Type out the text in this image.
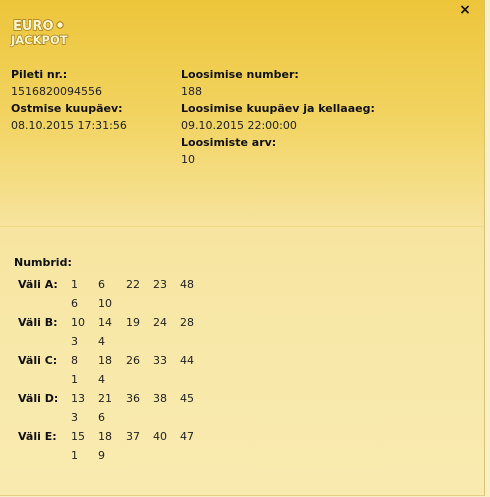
×
EURO
JACKPOT
Pileti nr.:
1516820094556
Ostmise kuupäev:
08.10.2015 17:31:56
Loosimise number:
188
Loosimise kuupäev ja kellaaeg:
09.10.2015 22:00:00
Loosimiste arv:
10
Numbrid:
Väli A: 1 6 22 23 48
6 10
Väli B: 10 14 19 24 28
3 4
Väli C: 8 18 26 33 44
1 4
Väli D: 13 21 36 38 45
3 6
Väli E: 15 18 37 40 47
1 9
